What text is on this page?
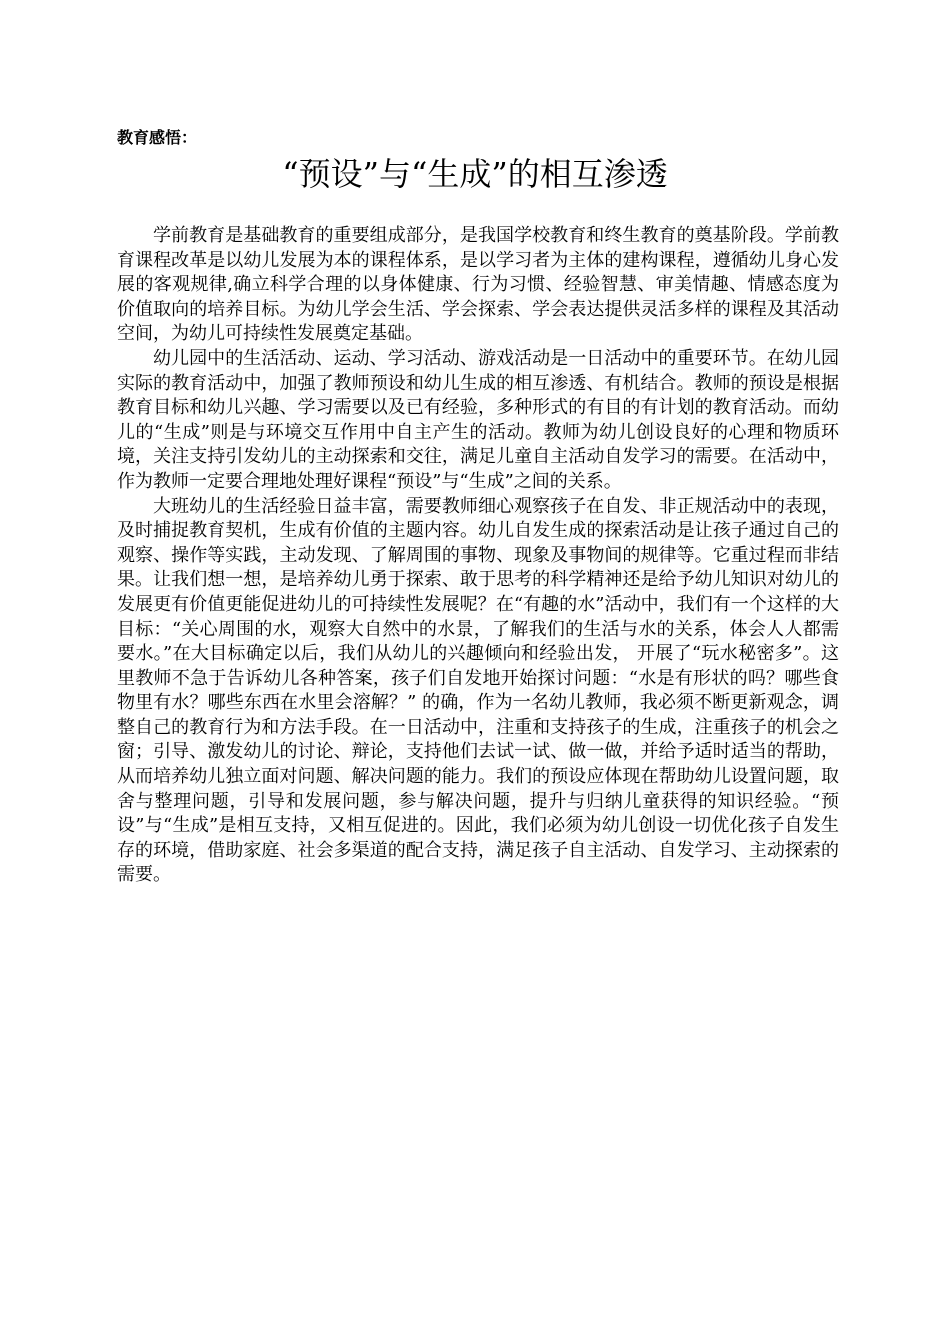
教育感悟：
“预设”与“生成”的相互渗透

学前教育是基础教育的重要组成部分，是我国学校教育和终生教育的奠基阶段。学前教育课程改革是以幼儿发展为本的课程体系，是以学习者为主体的建构课程，遵循幼儿身心发展的客观规律,确立科学合理的以身体健康、行为习惯、经验智慧、审美情趣、情感态度为价值取向的培养目标。为幼儿学会生活、学会探索、学会表达提供灵活多样的课程及其活动空间，为幼儿可持续性发展奠定基础。

幼儿园中的生活活动、运动、学习活动、游戏活动是一日活动中的重要环节。在幼儿园实际的教育活动中，加强了教师预设和幼儿生成的相互渗透、有机结合。教师的预设是根据教育目标和幼儿兴趣、学习需要以及已有经验，多种形式的有目的有计划的教育活动。而幼儿的“生成”则是与环境交互作用中自主产生的活动。教师为幼儿创设良好的心理和物质环境，关注支持引发幼儿的主动探索和交往，满足儿童自主活动自发学习的需要。在活动中，作为教师一定要合理地处理好课程“预设”与“生成”之间的关系。

大班幼儿的生活经验日益丰富，需要教师细心观察孩子在自发、非正规活动中的表现，及时捕捉教育契机，生成有价值的主题内容。幼儿自发生成的探索活动是让孩子通过自己的观察、操作等实践，主动发现、了解周围的事物、现象及事物间的规律等。它重过程而非结果。让我们想一想，是培养幼儿勇于探索、敢于思考的科学精神还是给予幼儿知识对幼儿的发展更有价值更能促进幼儿的可持续性发展呢？在“有趣的水”活动中，我们有一个这样的大目标：“关心周围的水，观察大自然中的水景，了解我们的生活与水的关系，体会人人都需要水。”在大目标确定以后，我们从幼儿的兴趣倾向和经验出发， 开展了“玩水秘密多”。这里教师不急于告诉幼儿各种答案，孩子们自发地开始探讨问题：“水是有形状的吗？哪些食物里有水？哪些东西在水里会溶解？” 的确，作为一名幼儿教师，我必须不断更新观念，调整自己的教育行为和方法手段。在一日活动中，注重和支持孩子的生成，注重孩子的机会之窗；引导、激发幼儿的讨论、辩论，支持他们去试一试、做一做，并给予适时适当的帮助，从而培养幼儿独立面对问题、解决问题的能力。我们的预设应体现在帮助幼儿设置问题，取舍与整理问题，引导和发展问题，参与解决问题，提升与归纳儿童获得的知识经验。“预设”与“生成”是相互支持，又相互促进的。因此，我们必须为幼儿创设一切优化孩子自发生存的环境，借助家庭、社会多渠道的配合支持，满足孩子自主活动、自发学习、主动探索的需要。
